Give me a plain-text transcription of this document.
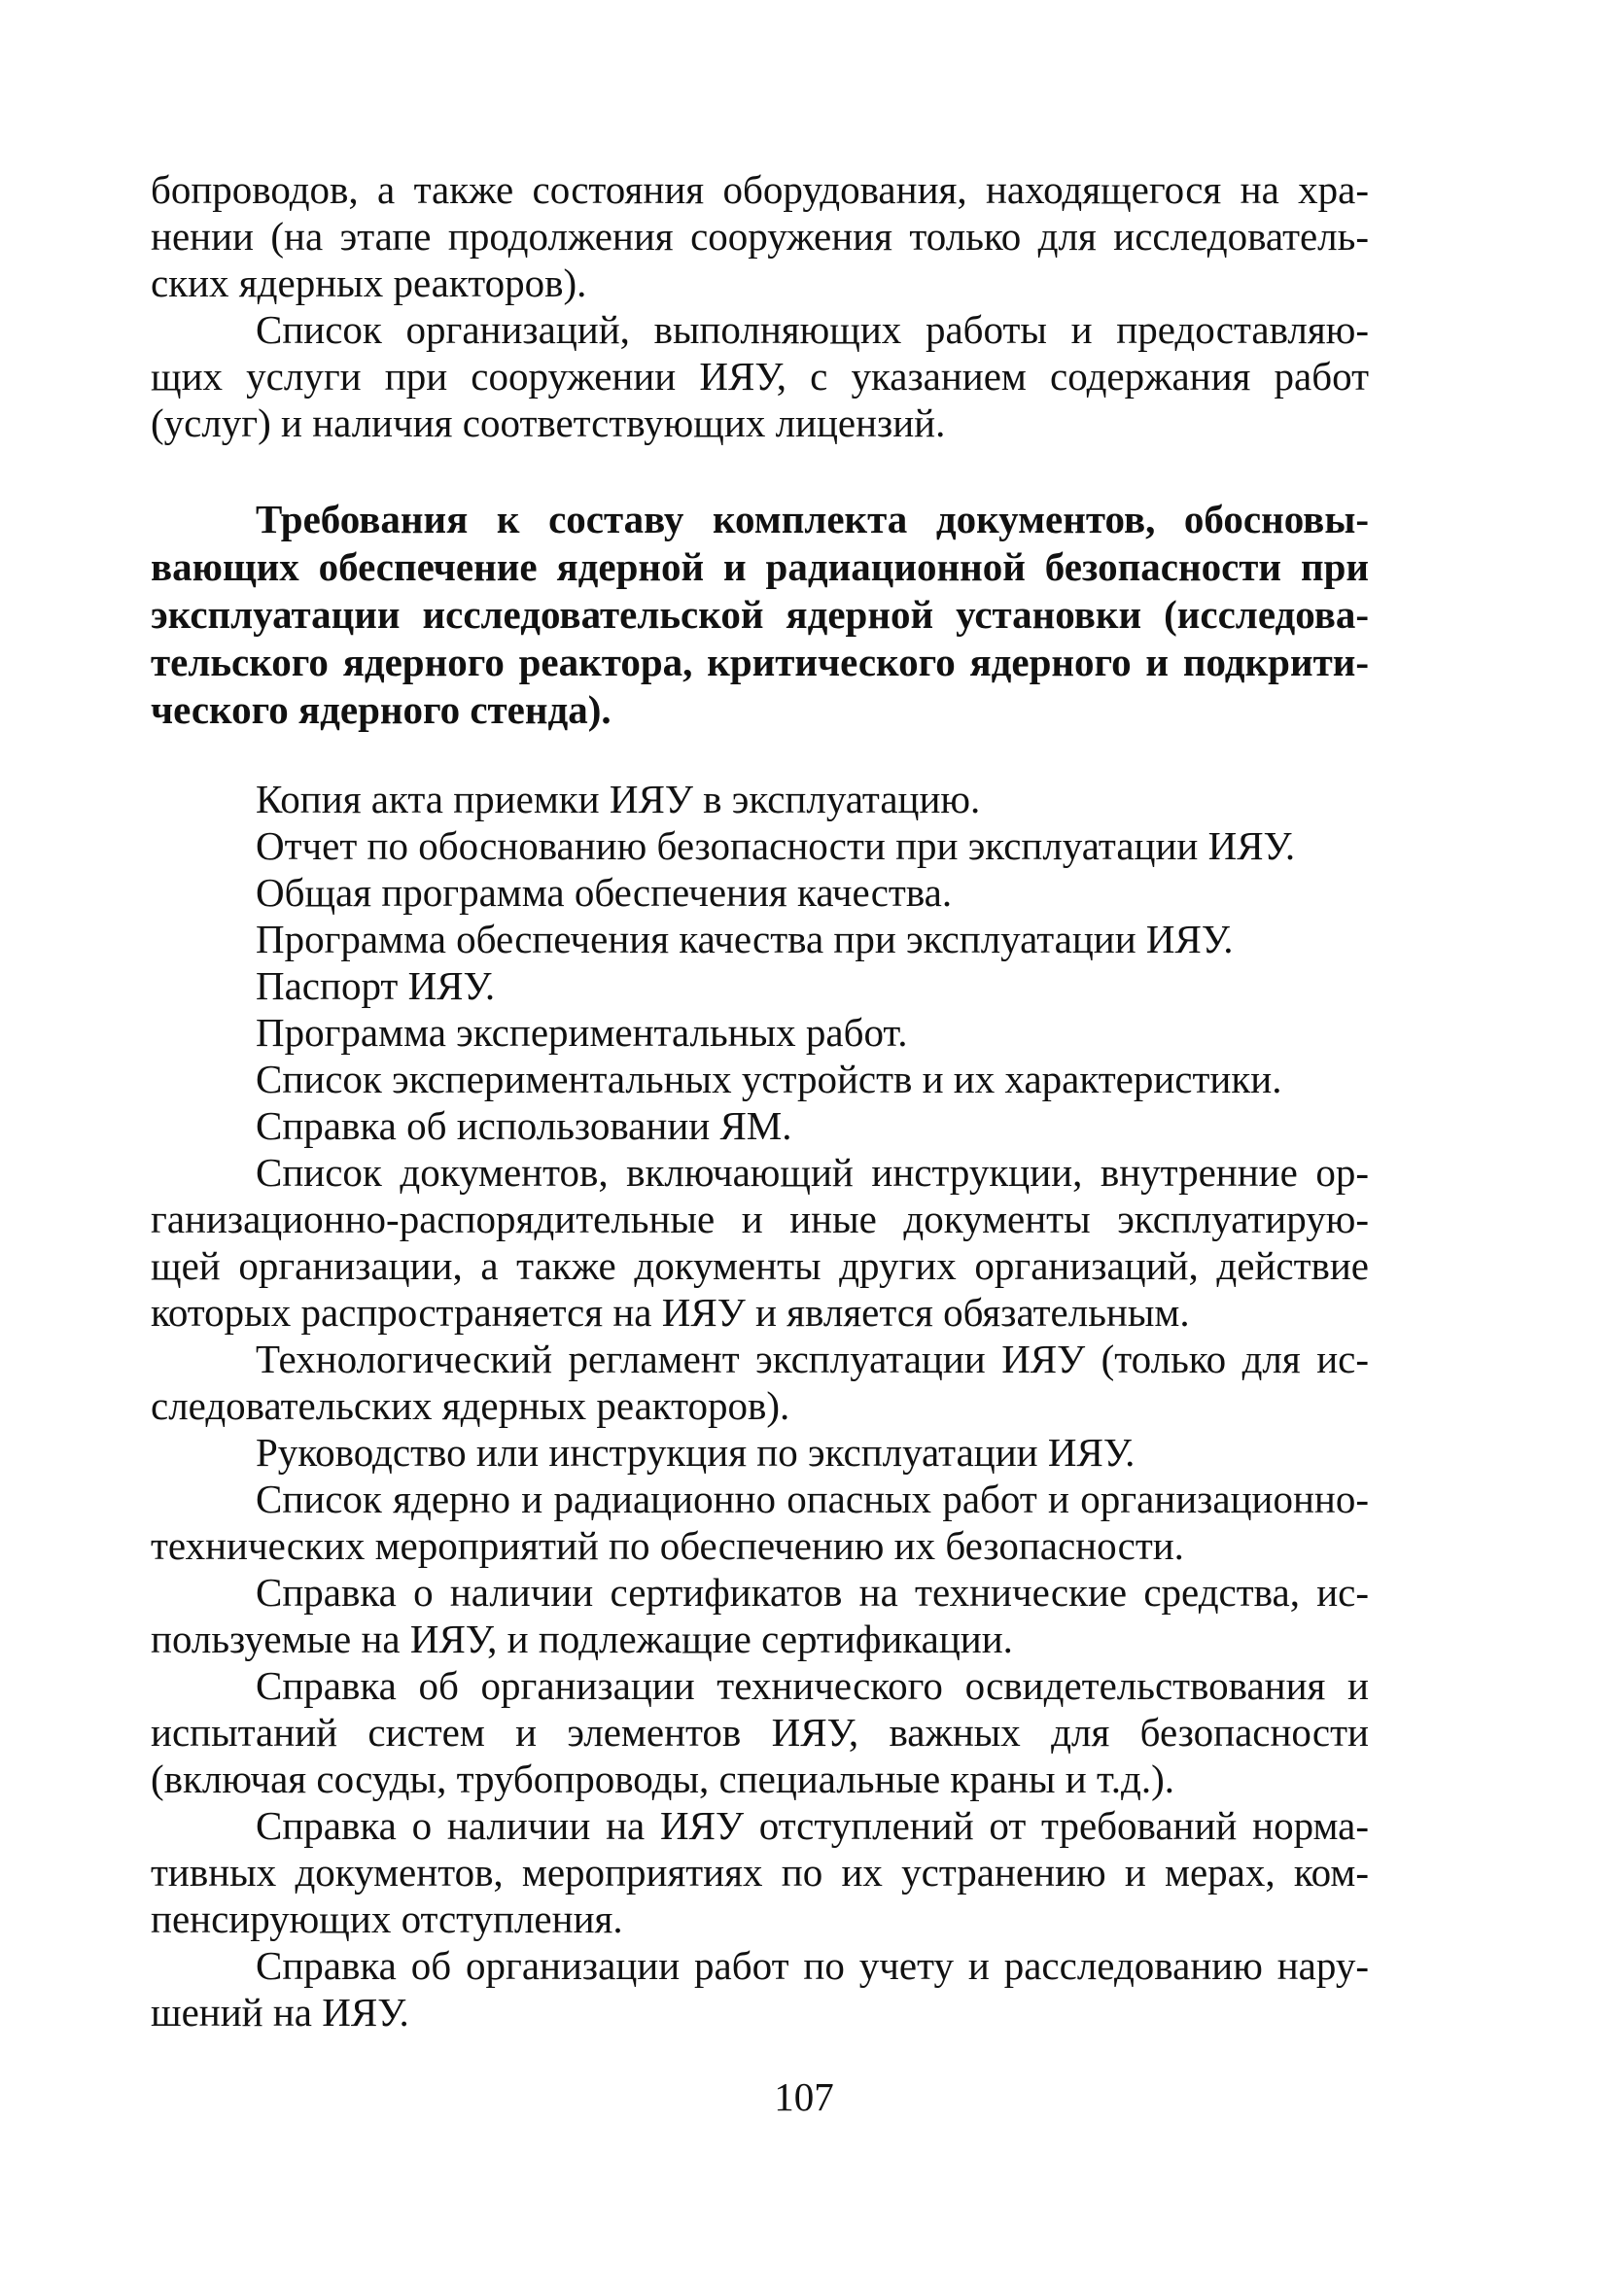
бопроводов, а также состояния оборудования, находящегося на хра-
нении (на этапе продолжения сооружения только для исследователь-
ских ядерных реакторов).
Список организаций, выполняющих работы и предоставляю-
щих услуги при сооружении ИЯУ, с указанием содержания работ
(услуг) и наличия соответствующих лицензий.
Требования к составу комплекта документов, обосновы-
вающих обеспечение ядерной и радиационной безопасности при
эксплуатации исследовательской ядерной установки (исследова-
тельского ядерного реактора, критического ядерного и подкрити-
ческого ядерного стенда).
Копия акта приемки ИЯУ в эксплуатацию.
Отчет по обоснованию безопасности при эксплуатации ИЯУ.
Общая программа обеспечения качества.
Программа обеспечения качества при эксплуатации ИЯУ.
Паспорт ИЯУ.
Программа экспериментальных работ.
Список экспериментальных устройств и их характеристики.
Справка об использовании ЯМ.
Список документов, включающий инструкции, внутренние ор-
ганизационно-распорядительные и иные документы эксплуатирую-
щей организации, а также документы других организаций, действие
которых распространяется на ИЯУ и является обязательным.
Технологический регламент эксплуатации ИЯУ (только для ис-
следовательских ядерных реакторов).
Руководство или инструкция по эксплуатации ИЯУ.
Список ядерно и радиационно опасных работ и организационно-
технических мероприятий по обеспечению их безопасности.
Справка о наличии сертификатов на технические средства, ис-
пользуемые на ИЯУ, и подлежащие сертификации.
Справка об организации технического освидетельствования и
испытаний систем и элементов ИЯУ, важных для безопасности
(включая сосуды, трубопроводы, специальные краны и т.д.).
Справка о наличии на ИЯУ отступлений от требований норма-
тивных документов, мероприятиях по их устранению и мерах, ком-
пенсирующих отступления.
Справка об организации работ по учету и расследованию нару-
шений на ИЯУ.
107
